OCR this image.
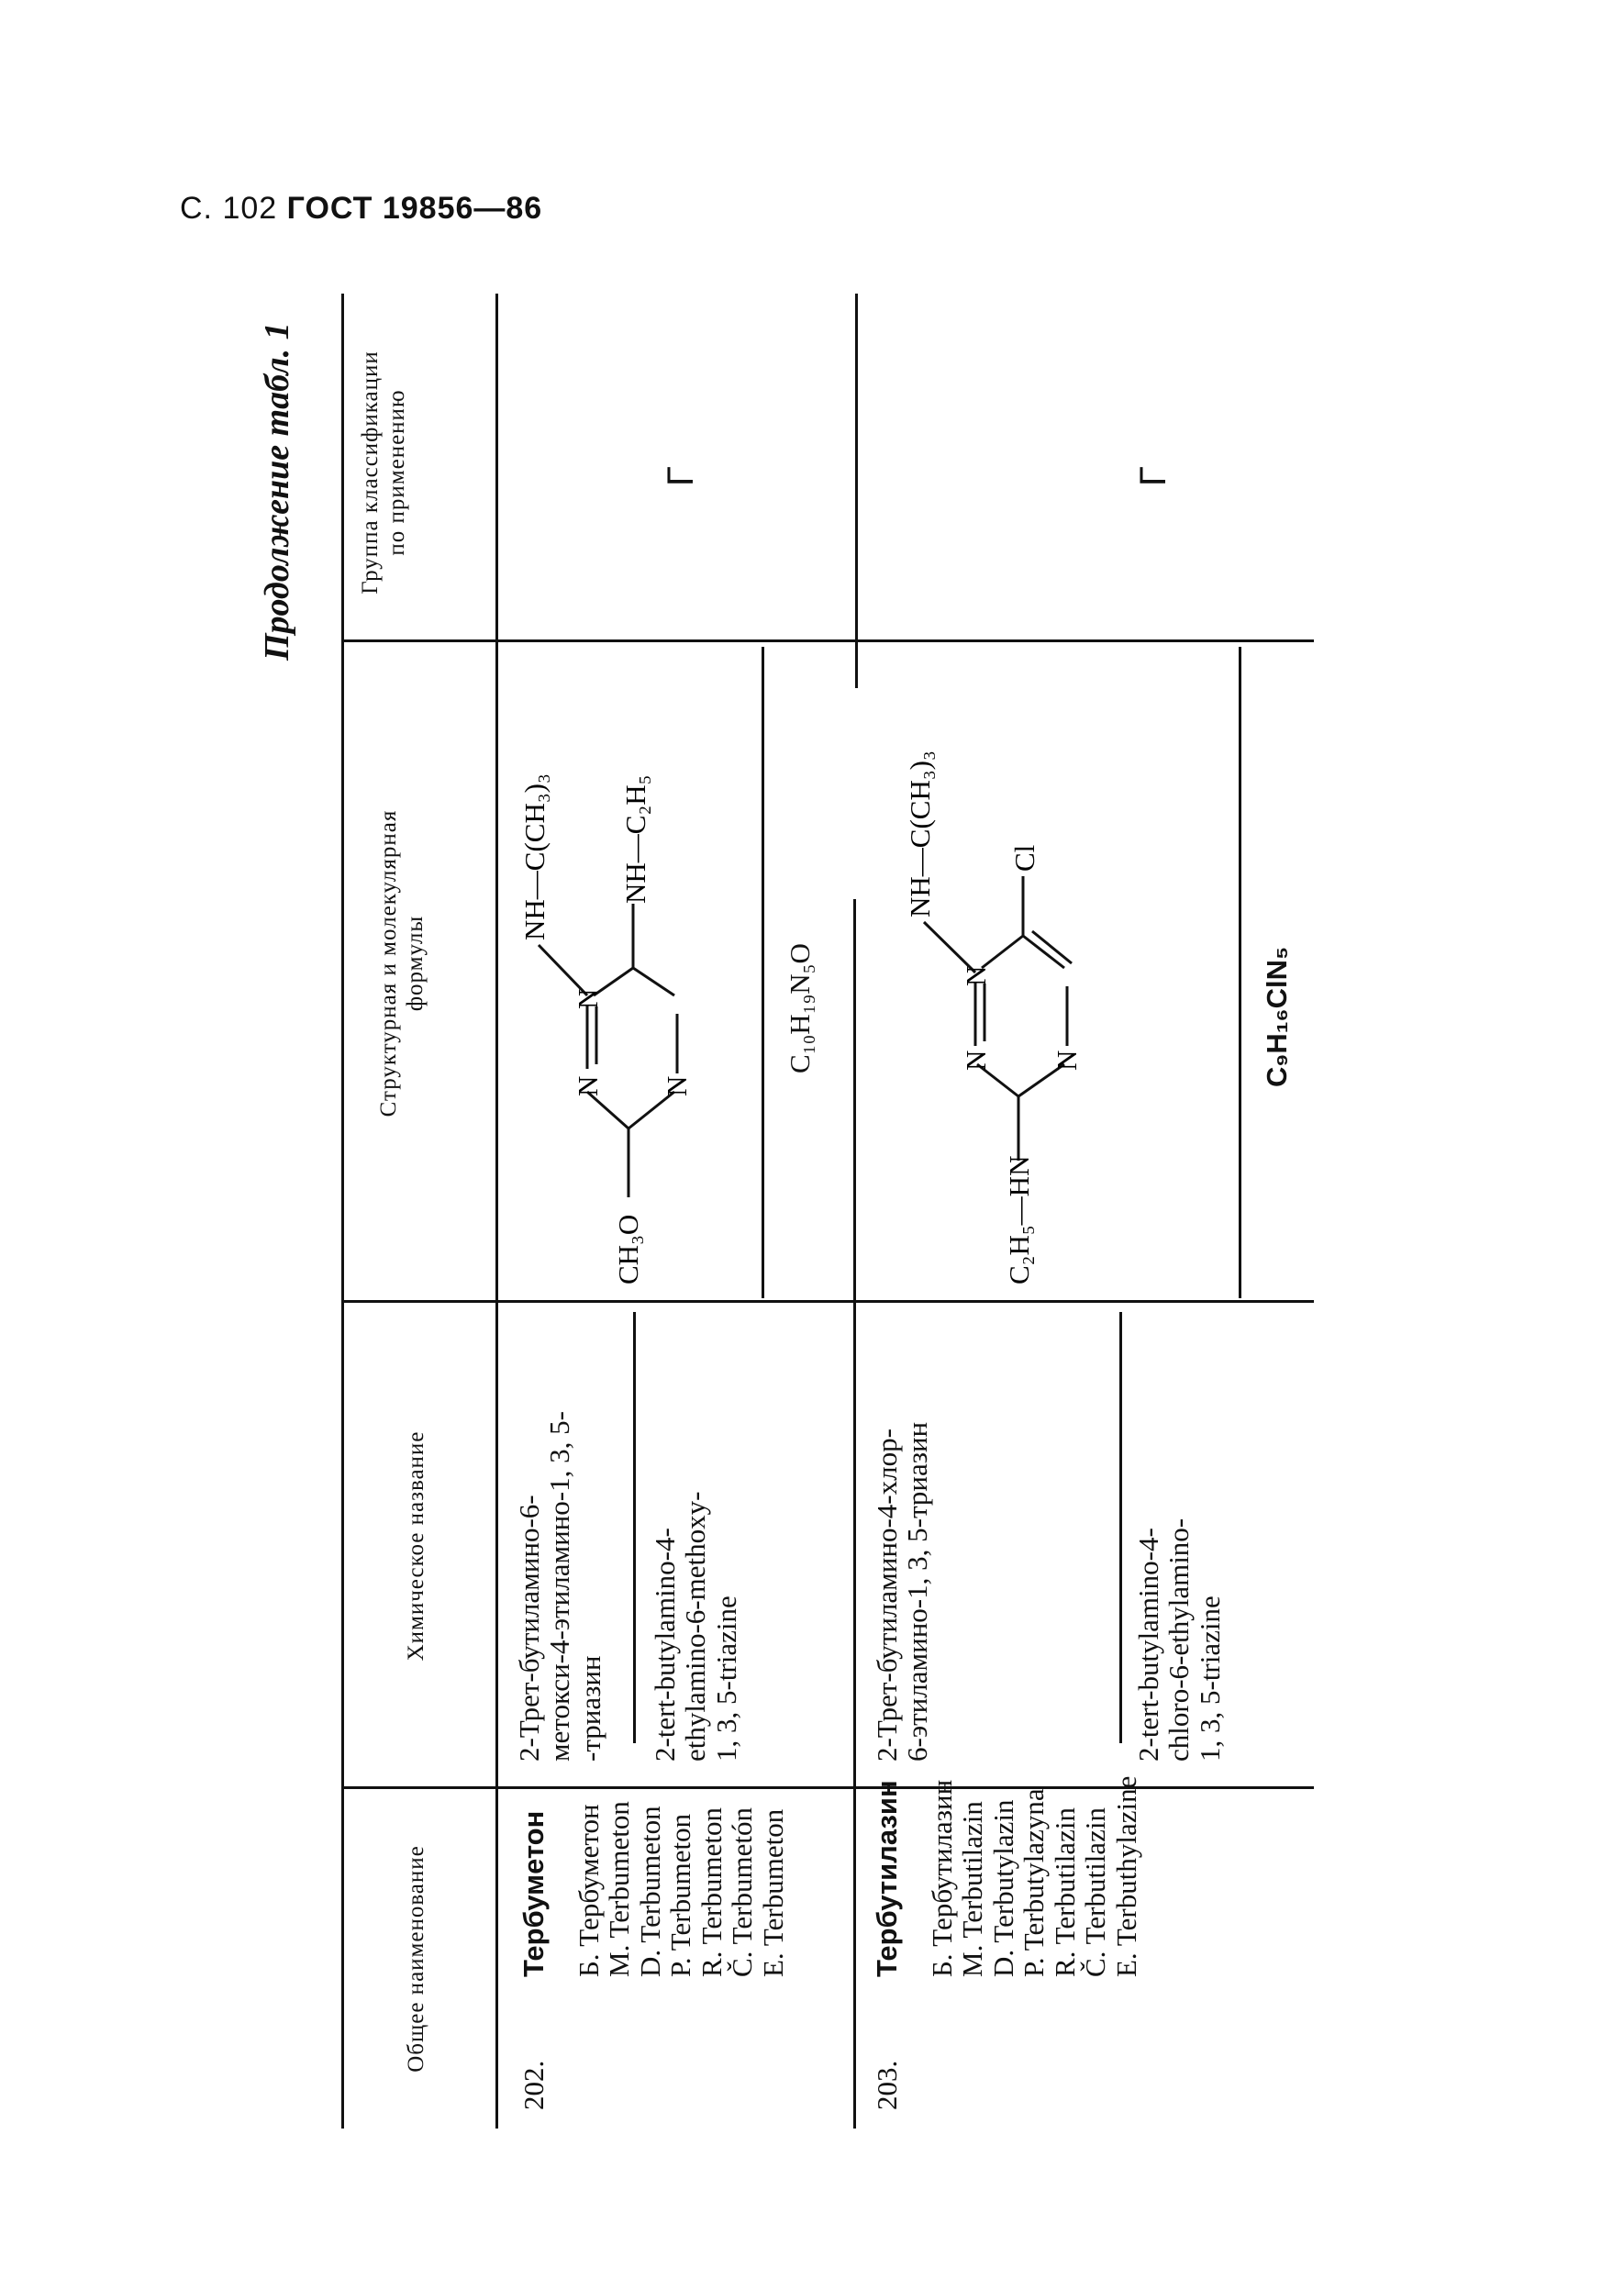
С. 102 ГОСТ 19856—86
Продолжение табл. 1
Общее наименование
Химическое название
Структурная и молекулярная формулы
Группа классификации по применению
202.
Тербуметон Б. Тербуметон
M. Terbumeton
D. Terbumeton
P. Terbumeton
R. Terbumeton
Č. Terbumetón
E. Terbumeton
2-Трет-бутиламино-6-
метокси-4-этиламино-1, 3, 5-
-триазин 2-tert-butylamino-4-
ethylamino-6-methoxy-
1, 3, 5-triazine
CH₃O
N
N
N
NH—C(CH₃)₃ NH—C₂H₅
C₁₀H₁₉N₅O
Г
203.
Тербутилазин Б. Тербутилазин
M. Terbutilazin
D. Terbutylazin
P. Terbutylazyna
R. Terbutilazin
Č. Terbutilazin
E. Terbuthylazine
2-Трет-бутиламино-4-хлор-
6-этиламино-1, 3, 5-триазин	2-tert-butylamino-4-
chloro-6-ethylamino-
1, 3, 5-triazine
C₂H₅—HN
N
N
N
NH—C(CH₃)₃	Cl
C₉H₁₆ClN₅
Г
